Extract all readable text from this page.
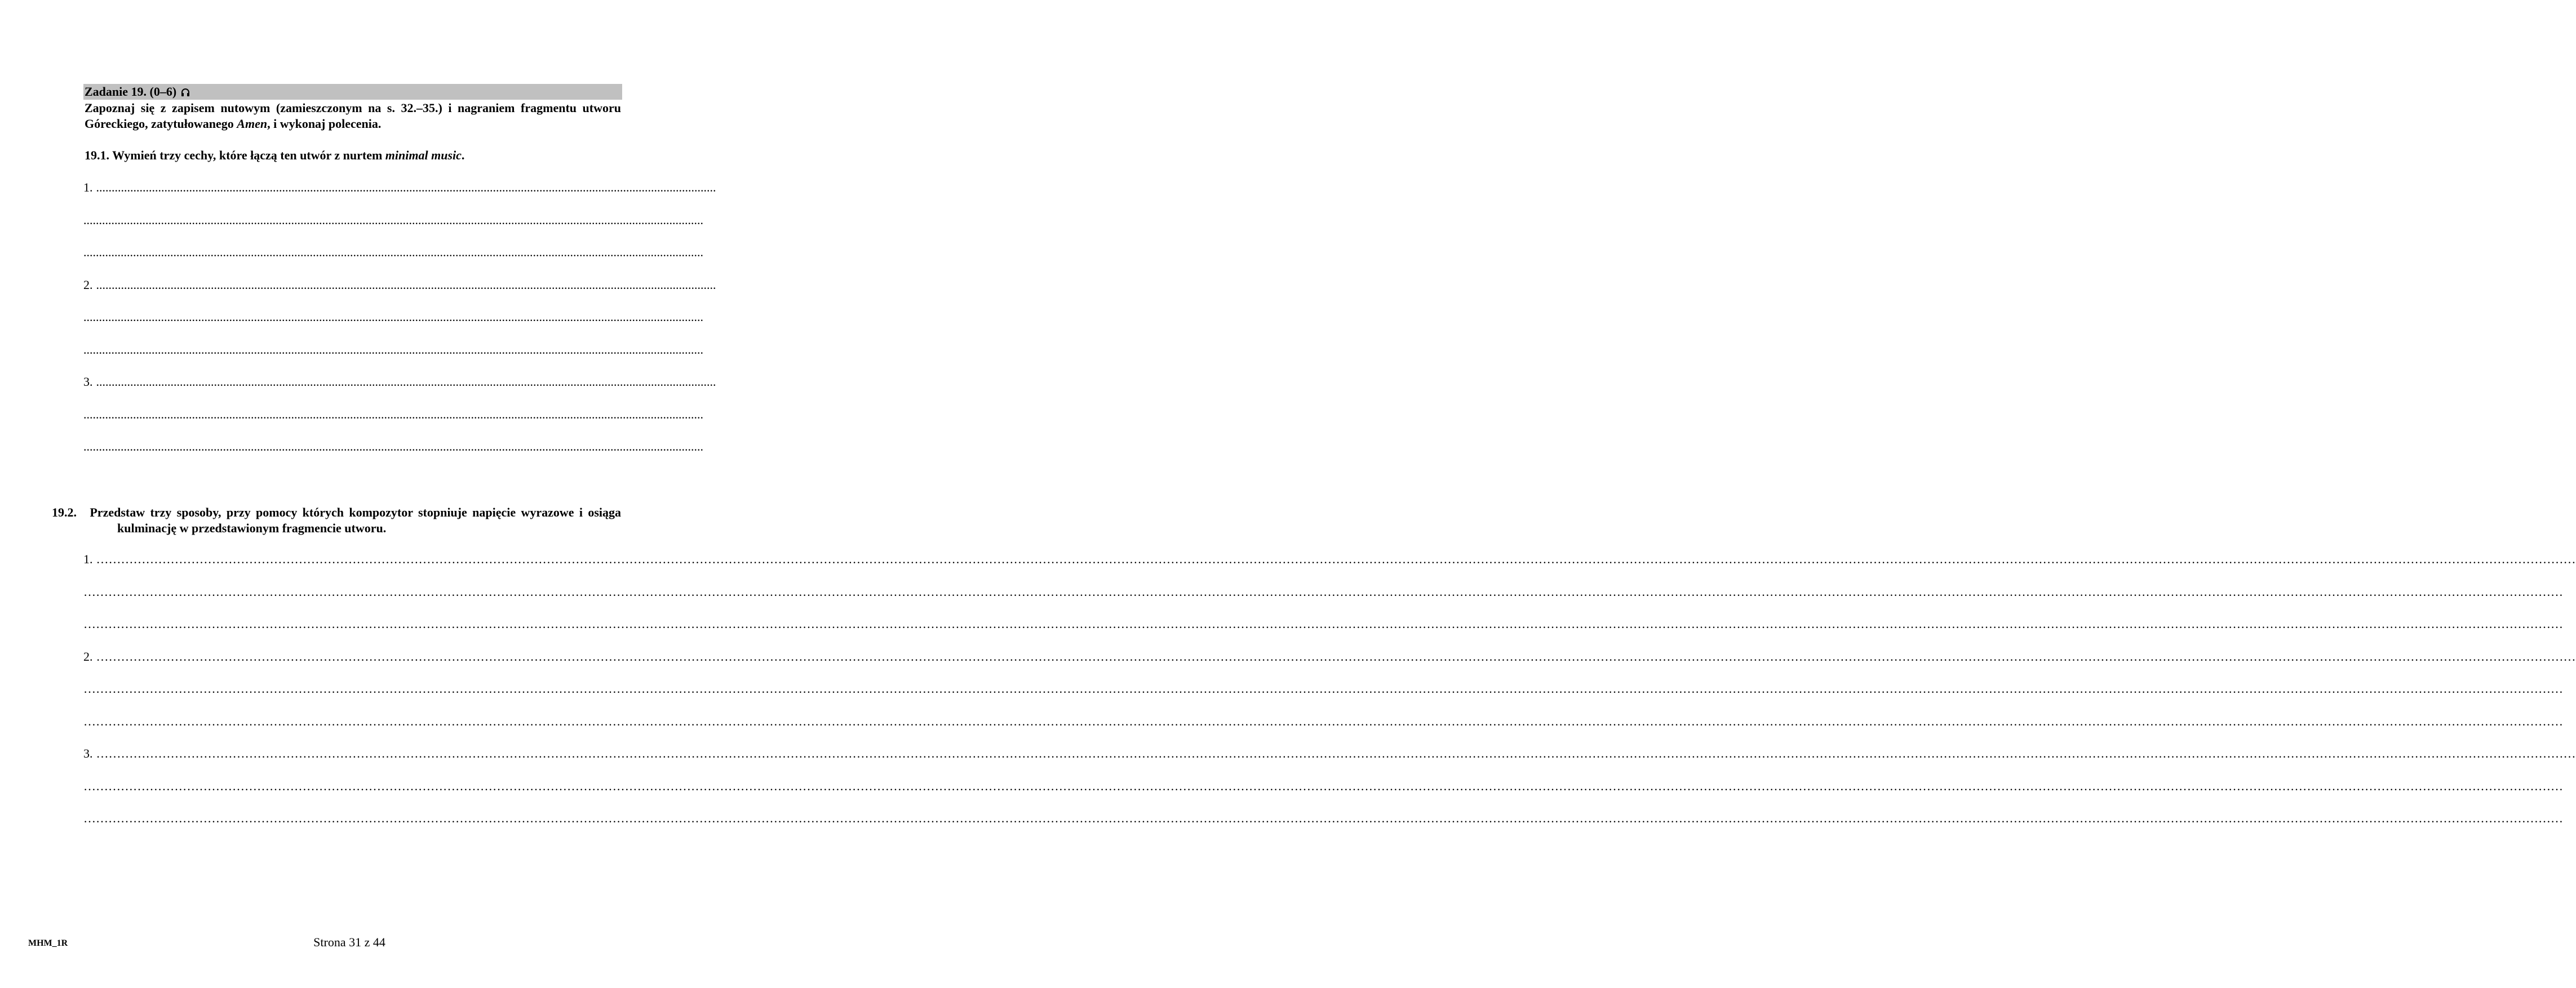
Zadanie 19. (0–6)

Zapoznaj się z zapisem nutowym (zamieszczonym na s. 32.–35.) i nagraniem fragmentu utworu Góreckiego, zatytułowanego Amen, i wykonaj polecenia.

19.1. Wymień trzy cechy, które łączą ten utwór z nurtem minimal music.

1. ........................................................................................................................................................................................................
........................................................................................................................................................................................................
........................................................................................................................................................................................................
2. ........................................................................................................................................................................................................
........................................................................................................................................................................................................
........................................................................................................................................................................................................
3. ........................................................................................................................................................................................................
........................................................................................................................................................................................................
........................................................................................................................................................................................................

19.2. Przedstaw trzy sposoby, przy pomocy których kompozytor stopniuje napięcie wyrazowe i osiąga kulminację w przedstawionym fragmencie utworu.

1. ……………………………………………………………………………………………………………………………………………………………………………………………………………………………………………………………………………………………………………………………………………………………………………………………………………………………………………………………………………………………………………………………………………………
……………………………………………………………………………………………………………………………………………………………………………………………………………………………………………………………………………………………………………………………………………………………………………………………………………………………………………………………………………………………………………………………………………………
……………………………………………………………………………………………………………………………………………………………………………………………………………………………………………………………………………………………………………………………………………………………………………………………………………………………………………………………………………………………………………………………………………………
2. ……………………………………………………………………………………………………………………………………………………………………………………………………………………………………………………………………………………………………………………………………………………………………………………………………………………………………………………………………………………………………………………………………………………
……………………………………………………………………………………………………………………………………………………………………………………………………………………………………………………………………………………………………………………………………………………………………………………………………………………………………………………………………………………………………………………………………………………
……………………………………………………………………………………………………………………………………………………………………………………………………………………………………………………………………………………………………………………………………………………………………………………………………………………………………………………………………………………………………………………………………………………
3. ……………………………………………………………………………………………………………………………………………………………………………………………………………………………………………………………………………………………………………………………………………………………………………………………………………………………………………………………………………………………………………………………………………………
……………………………………………………………………………………………………………………………………………………………………………………………………………………………………………………………………………………………………………………………………………………………………………………………………………………………………………………………………………………………………………………………………………………
……………………………………………………………………………………………………………………………………………………………………………………………………………………………………………………………………………………………………………………………………………………………………………………………………………………………………………………………………………………………………………………………………………………
MHM_1R	Strona 31 z 44
